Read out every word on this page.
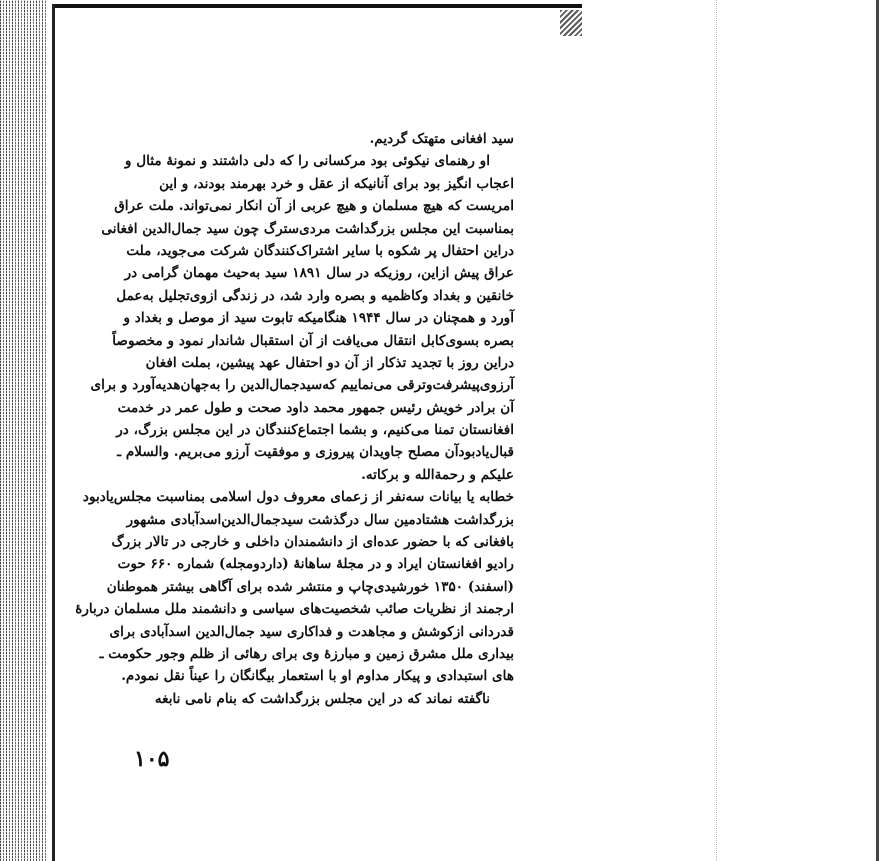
سید افغانی متهتک گردیم.
او رهنمای نیکوئی بود مرکسانی را که دلی داشتند و نمونهٔ مثال و
اعجاب انگیز بود برای آنانیکه از عقل و خرد بهرمند بودند، و این
امریست که هیچ مسلمان و هیچ عربی از آن انکار نمی‌تواند. ملت عراق
بمناسبت این مجلس بزرگداشت مردی‌سترگ چون سید جمال‌الدین افغانی
دراین احتفال پر شکوه با سایر اشتراک‌کنندگان شرکت می‌جوید، ملت
عراق پیش ازاین، روزیکه در سال ۱۸۹۱ سید به‌حیث مهمان گرامی در
خانقین و بغداد وکاظمیه و بصره وارد شد، در زندگی ازوی‌تجلیل به‌عمل
آورد و همچنان در سال ۱۹۴۴ هنگامیکه تابوت سید از موصل و بغداد و
بصره بسوی‌کابل انتقال می‌یافت از آن استقبال شاندار نمود و مخصوصاً
دراین روز با تجدید تذکار از آن دو احتفال عهد پیشین، بملت افغان
آرزوی‌پیشرفت‌وترقی می‌نماییم که‌سیدجمال‌الدین را به‌جهان‌هدیه‌آورد و برای
آن برادر خویش رئیس جمهور محمد داود صحت و طول عمر در خدمت
افغانستان تمنا می‌کنیم، و بشما اجتماع‌کنندگان در این مجلس بزرگ، در
قبال‌یادبودآن مصلح جاویدان پیروزی و موفقیت آرزو می‌بریم. والسلام ـ
علیکم و رحمة‌الله و برکاته.
خطابه یا بیانات سه‌نفر از زعمای معروف دول اسلامی بمناسبت مجلس‌یادبود
بزرگداشت هشتادمین سال درگذشت سیدجمال‌الدین‌اسدآبادی مشهور
بافغانی که با حضور عده‌ای از دانشمندان داخلی و خارجی در تالار بزرگ
رادیو افغانستان ایراد و در مجلهٔ ساهانهٔ (داردومجله) شماره ۶۶۰ حوت
(اسفند) ۱۳۵۰ خورشیدی‌چاپ و منتشر شده برای آگاهی بیشتر هموطنان
ارجمند از نظریات صائب شخصیت‌های سیاسی و دانشمند ملل مسلمان دربارهٔ
قدردانی ازکوشش و مجاهدت و فداکاری سید جمال‌الدین اسدآبادی برای
بیداری ملل مشرق زمین و مبارزهٔ وی برای رهائی از ظلم وجور حکومت ـ
های استبدادی و پیکار مداوم او با استعمار بیگانگان را عیناً نقل نمودم.
ناگفته نماند که در این مجلس بزرگداشت که بنام نامی نابغه
۱۰۵
